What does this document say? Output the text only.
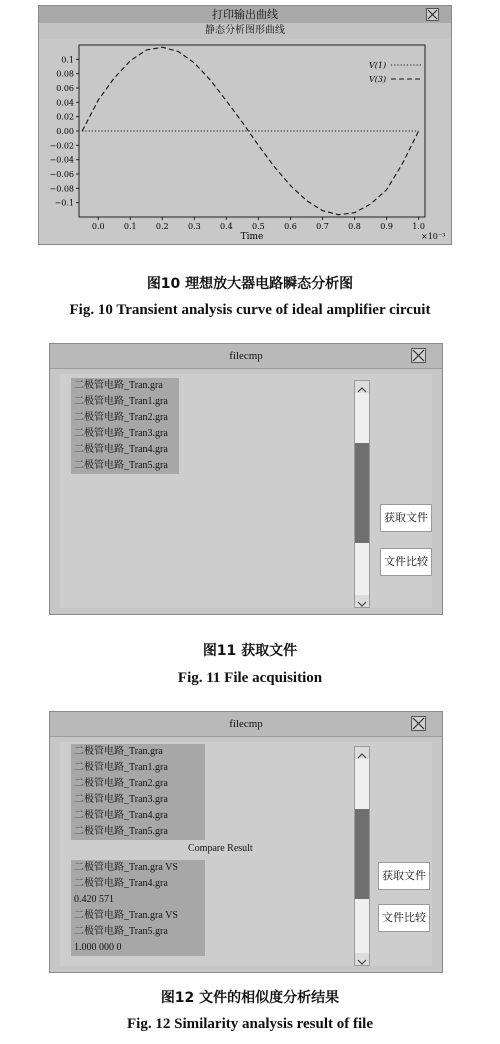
打印输出曲线
静态分析图形曲线
0.0 0.1 0.2 0.3 0.4 0.5 0.6 0.7 0.8 0.9 1.0
0.1
0.08
0.06
0.04
0.02
0.00
−0.02
−0.04
−0.06
−0.08
−0.1
V(1)
V(3)
Time	×10⁻³
图10 理想放大器电路瞬态分析图
Fig. 10 Transient analysis curve of ideal amplifier circuit
filecmp
二极管电路_Tran.gra
二极管电路_Tran1.gra
二极管电路_Tran2.gra
二极管电路_Tran3.gra
二极管电路_Tran4.gra
二极管电路_Tran5.gra
获取文件
文件比较
图11 获取文件
Fig. 11 File acquisition
filecmp
二极管电路_Tran.gra
二极管电路_Tran1.gra
二极管电路_Tran2.gra
二极管电路_Tran3.gra
二极管电路_Tran4.gra
二极管电路_Tran5.gra
Compare Result
二极管电路_Tran.gra VS
二极管电路_Tran4.gra
0.420 571
二极管电路_Tran.gra VS
二极管电路_Tran5.gra
1.000 000 0
获取文件
文件比较
图12 文件的相似度分析结果
Fig. 12 Similarity analysis result of file
